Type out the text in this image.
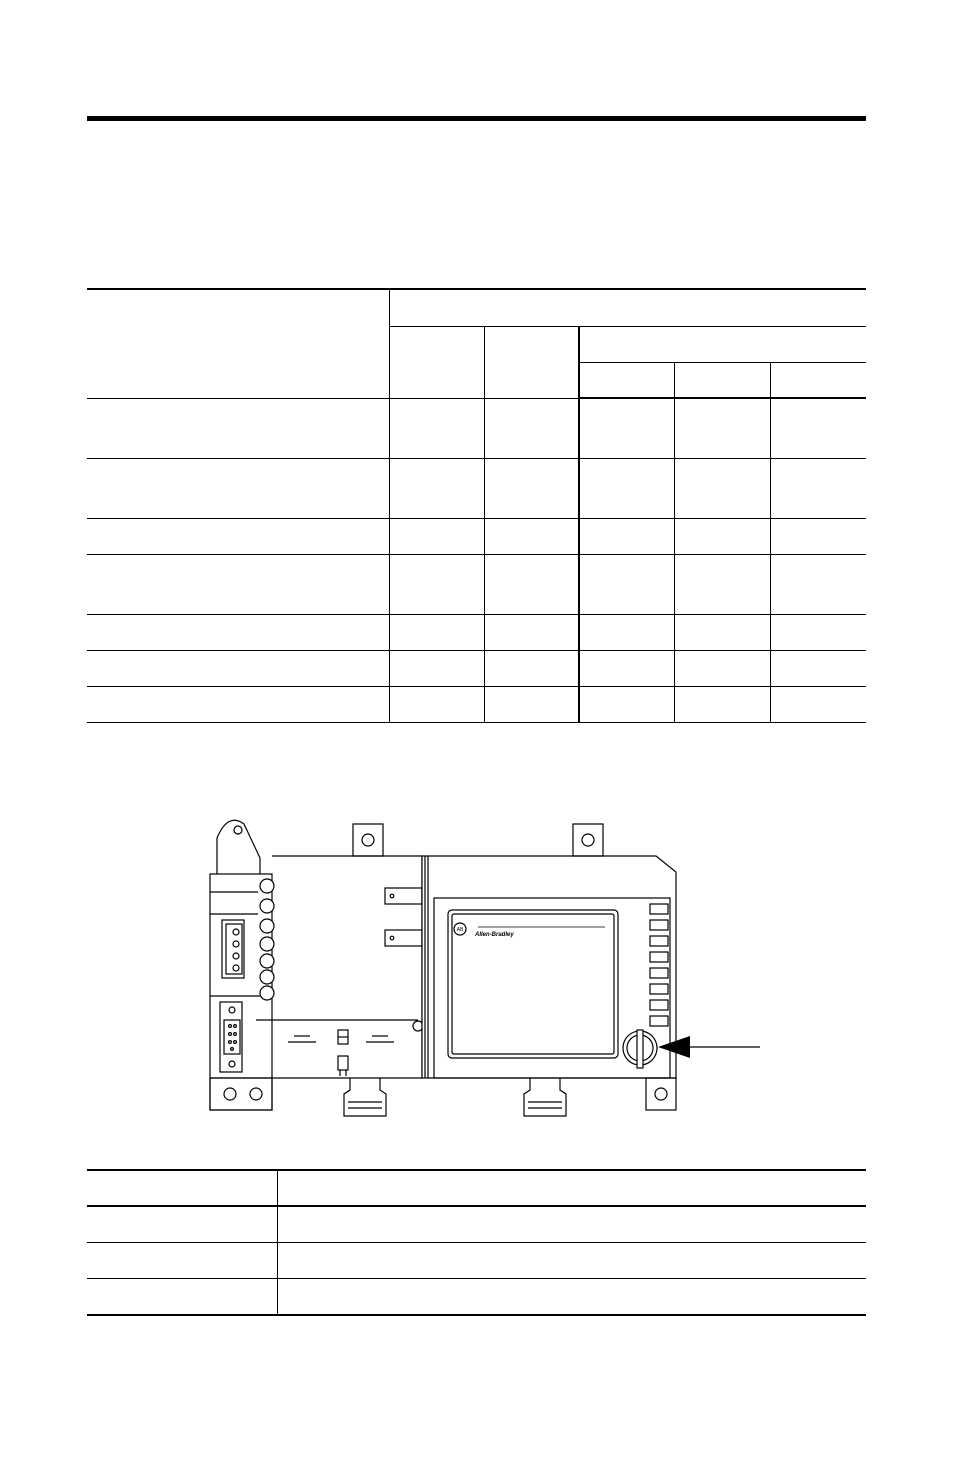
AB
Allen-Bradley
